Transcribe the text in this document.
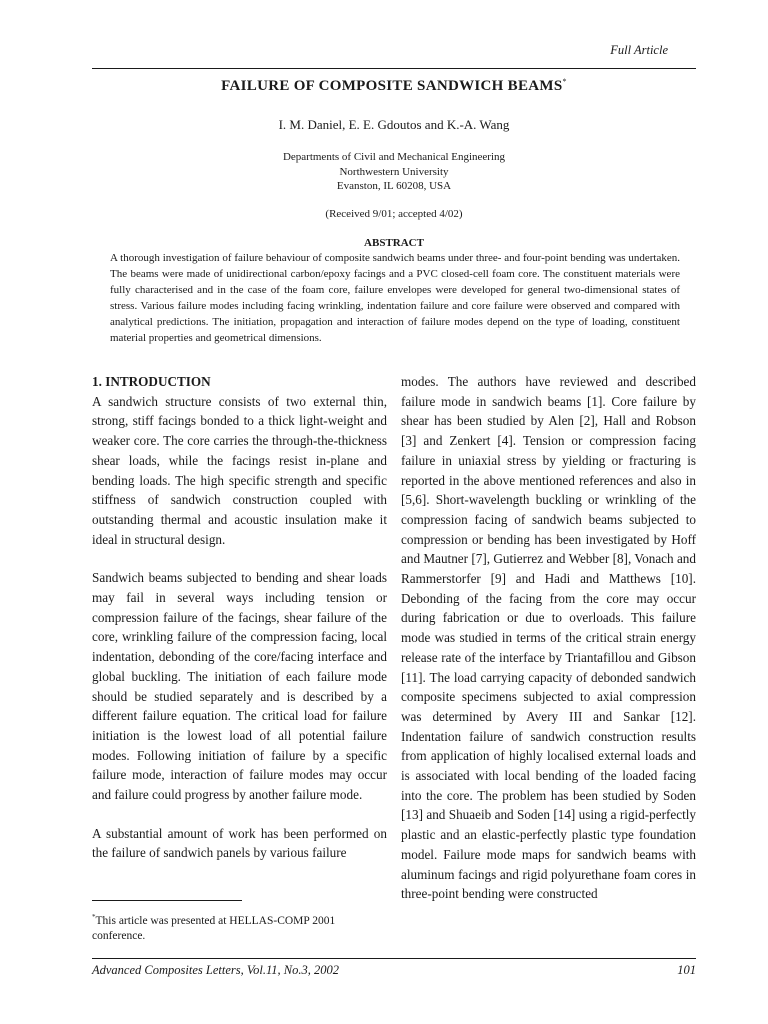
Full Article
FAILURE OF COMPOSITE SANDWICH BEAMS*
I. M. Daniel, E. E. Gdoutos and K.-A. Wang
Departments of Civil and Mechanical Engineering
Northwestern University
Evanston, IL 60208, USA
(Received 9/01; accepted 4/02)
ABSTRACT
A thorough investigation of failure behaviour of composite sandwich beams under three- and four-point bending was undertaken. The beams were made of unidirectional carbon/epoxy facings and a PVC closed-cell foam core. The constituent materials were fully characterised and in the case of the foam core, failure envelopes were developed for general two-dimensional states of stress. Various failure modes including facing wrinkling, indentation failure and core failure were observed and compared with analytical predictions. The initiation, propagation and interaction of failure modes depend on the type of loading, constituent material properties and geometrical dimensions.
1. INTRODUCTION

A sandwich structure consists of two external thin, strong, stiff facings bonded to a thick light-weight and weaker core. The core carries the through-the-thickness shear loads, while the facings resist in-plane and bending loads. The high specific strength and specific stiffness of sandwich construction coupled with outstanding thermal and acoustic insulation make it ideal in structural design.

Sandwich beams subjected to bending and shear loads may fail in several ways including tension or compression failure of the facings, shear failure of the core, wrinkling failure of the compression facing, local indentation, debonding of the core/facing interface and global buckling. The initiation of each failure mode should be studied separately and is described by a different failure equation. The critical load for failure initiation is the lowest load of all potential failure modes. Following initiation of failure by a specific failure mode, interaction of failure modes may occur and failure could progress by another failure mode.

A substantial amount of work has been performed on the failure of sandwich panels by various failure

modes. The authors have reviewed and described failure mode in sandwich beams [1]. Core failure by shear has been studied by Alen [2], Hall and Robson [3] and Zenkert [4]. Tension or compression facing failure in uniaxial stress by yielding or fracturing is reported in the above mentioned references and also in [5,6]. Short-wavelength buckling or wrinkling of the compression facing of sandwich beams subjected to compression or bending has been investigated by Hoff and Mautner [7], Gutierrez and Webber [8], Vonach and Rammerstorfer [9] and Hadi and Matthews [10]. Debonding of the facing from the core may occur during fabrication or due to overloads. This failure mode was studied in terms of the critical strain energy release rate of the interface by Triantafillou and Gibson [11]. The load carrying capacity of debonded sandwich composite specimens subjected to axial compression was determined by Avery III and Sankar [12]. Indentation failure of sandwich construction results from application of highly localised external loads and is associated with local bending of the loaded facing into the core. The problem has been studied by Soden [13] and Shuaeib and Soden [14] using a rigid-perfectly plastic and an elastic-perfectly plastic type foundation model. Failure mode maps for sandwich beams with aluminum facings and rigid polyurethane foam cores in three-point bending were constructed

*This article was presented at HELLAS-COMP 2001 conference.
Advanced Composites Letters, Vol.11, No.3, 2002	101
